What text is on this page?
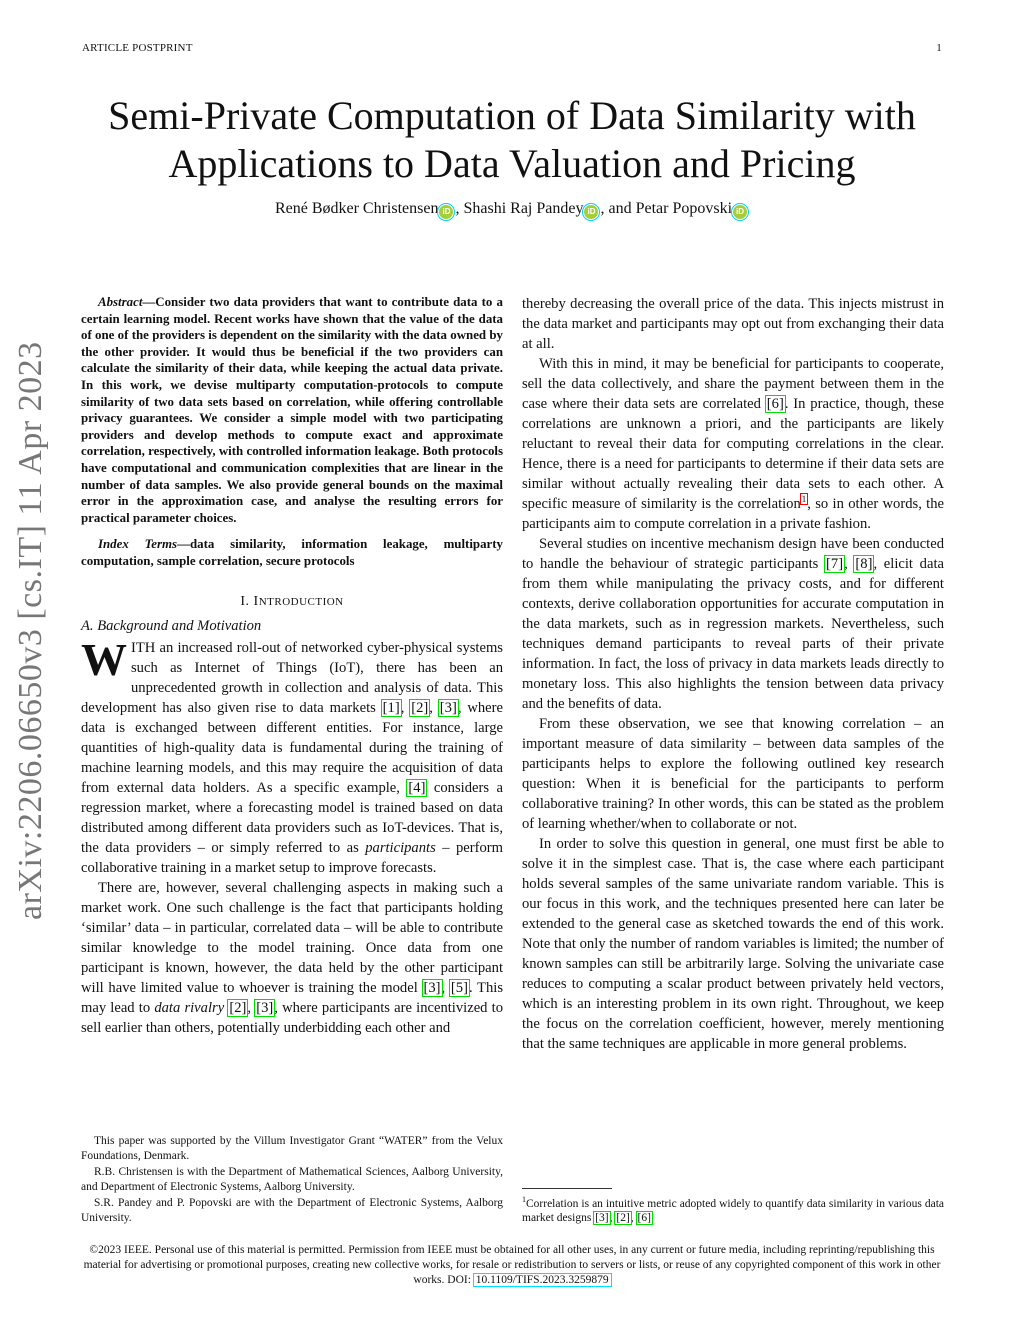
ARTICLE POSTPRINT	1
Semi-Private Computation of Data Similarity with
Applications to Data Valuation and Pricing
René Bødker Christensen iD , Shashi Raj Pandey iD , and Petar Popovski iD
arXiv:2206.06650v3 [cs.IT] 11 Apr 2023

Abstract—Consider two data providers that want to contribute data to a certain learning model. Recent works have shown that the value of the data of one of the providers is dependent on the similarity with the data owned by the other provider. It would thus be beneficial if the two providers can calculate the similarity of their data, while keeping the actual data private. In this work, we devise multiparty computation-protocols to compute similarity of two data sets based on correlation, while offering controllable privacy guarantees. We consider a simple model with two participating providers and develop methods to compute exact and approximate correlation, respectively, with controlled information leakage. Both protocols have computational and communication complexities that are linear in the number of data samples. We also provide general bounds on the maximal error in the approximation case, and analyse the resulting errors for practical parameter choices.

Index Terms—data similarity, information leakage, multiparty computation, sample correlation, secure protocols

I. INTRODUCTION
A. Background and Motivation

WITH an increased roll-out of networked cyber-physical systems such as Internet of Things (IoT), there has been an unprecedented growth in collection and analysis of data. This development has also given rise to data markets [1], [2], [3], where data is exchanged between different entities. For instance, large quantities of high-quality data is fundamental during the training of machine learning models, and this may require the acquisition of data from external data holders. As a specific example, [4] considers a regression market, where a forecasting model is trained based on data distributed among different data providers such as IoT-devices. That is, the data providers – or simply referred to as participants – perform collaborative training in a market setup to improve forecasts.

There are, however, several challenging aspects in making such a market work. One such challenge is the fact that participants holding ‘similar’ data – in particular, correlated data – will be able to contribute similar knowledge to the model training. Once data from one participant is known, however, the data held by the other participant will have limited value to whoever is training the model [3], [5]. This may lead to data rivalry [2], [3], where participants are incentivized to sell earlier than others, potentially underbidding each other and

This paper was supported by the Villum Investigator Grant “WATER” from the Velux Foundations, Denmark.

R.B. Christensen is with the Department of Mathematical Sciences, Aalborg University, and Department of Electronic Systems, Aalborg University.

S.R. Pandey and P. Popovski are with the Department of Electronic Systems, Aalborg University.

thereby decreasing the overall price of the data. This injects mistrust in the data market and participants may opt out from exchanging their data at all.

With this in mind, it may be beneficial for participants to cooperate, sell the data collectively, and share the payment between them in the case where their data sets are correlated [6]. In practice, though, these correlations are unknown a priori, and the participants are likely reluctant to reveal their data for computing correlations in the clear. Hence, there is a need for participants to determine if their data sets are similar without actually revealing their data sets to each other. A specific measure of similarity is the correlation$^1$, so in other words, the participants aim to compute correlation in a private fashion.

Several studies on incentive mechanism design have been conducted to handle the behaviour of strategic participants [7], [8], elicit data from them while manipulating the privacy costs, and for different contexts, derive collaboration opportunities for accurate computation in the data markets, such as in regression markets. Nevertheless, such techniques demand participants to reveal parts of their private information. In fact, the loss of privacy in data markets leads directly to monetary loss. This also highlights the tension between data privacy and the benefits of data.

From these observation, we see that knowing correlation – an important measure of data similarity – between data samples of the participants helps to explore the following outlined key research question: When it is beneficial for the participants to perform collaborative training? In other words, this can be stated as the problem of learning whether/when to collaborate or not.

In order to solve this question in general, one must first be able to solve it in the simplest case. That is, the case where each participant holds several samples of the same univariate random variable. This is our focus in this work, and the techniques presented here can later be extended to the general case as sketched towards the end of this work. Note that only the number of random variables is limited; the number of known samples can still be arbitrarily large. Solving the univariate case reduces to computing a scalar product between privately held vectors, which is an interesting problem in its own right. Throughout, we keep the focus on the correlation coefficient, however, merely mentioning that the same techniques are applicable in more general problems.

$^1$Correlation is an intuitive metric adopted widely to quantify data similarity in various data market designs [3], [2], [6]
©2023 IEEE. Personal use of this material is permitted. Permission from IEEE must be obtained for all other uses, in any current or future media, including reprinting/republishing this material for advertising or promotional purposes, creating new collective works, for resale or redistribution to servers or lists, or reuse of any copyrighted component of this work in other works. DOI: 10.1109/TIFS.2023.3259879
